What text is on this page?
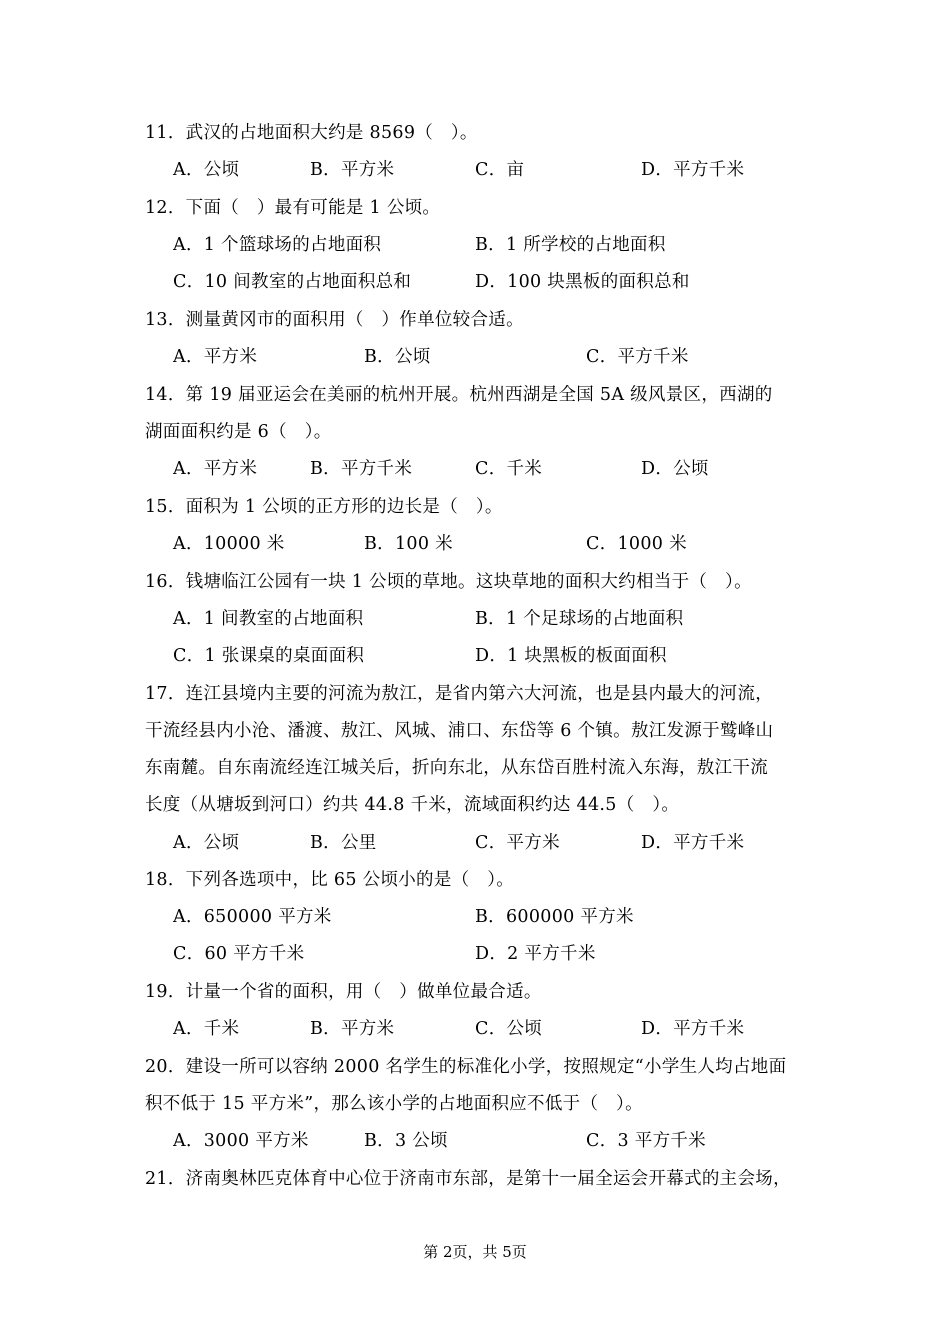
11．武汉的占地面积大约是 8569（　）。
A．公顷	B．平方米	C．亩	D．平方千米
12．下面（　）最有可能是 1 公顷。
A．1 个篮球场的占地面积	B．1 所学校的占地面积
C．10 间教室的占地面积总和	D．100 块黑板的面积总和
13．测量黄冈市的面积用（　）作单位较合适。
A．平方米	B．公顷	C．平方千米
14．第 19 届亚运会在美丽的杭州开展。杭州西湖是全国 5A 级风景区，西湖的
湖面面积约是 6（　）。
A．平方米	B．平方千米	C．千米	D．公顷
15．面积为 1 公顷的正方形的边长是（　）。
A．10000 米	B．100 米	C．1000 米
16．钱塘临江公园有一块 1 公顷的草地。这块草地的面积大约相当于（　）。
A．1 间教室的占地面积	B．1 个足球场的占地面积
C．1 张课桌的桌面面积	D．1 块黑板的板面面积
17．连江县境内主要的河流为敖江，是省内第六大河流，也是县内最大的河流，
干流经县内小沧、潘渡、敖江、风城、浦口、东岱等 6 个镇。敖江发源于鹫峰山
东南麓。自东南流经连江城关后，折向东北，从东岱百胜村流入东海，敖江干流
长度（从塘坂到河口）约共 44.8 千米，流域面积约达 44.5（　）。
A．公顷	B．公里	C．平方米	D．平方千米
18．下列各选项中，比 65 公顷小的是（　）。
A．650000 平方米	B．600000 平方米
C．60 平方千米	D．2 平方千米
19．计量一个省的面积，用（　）做单位最合适。
A．千米	B．平方米	C．公顷	D．平方千米
20．建设一所可以容纳 2000 名学生的标准化小学，按照规定“小学生人均占地面
积不低于 15 平方米”，那么该小学的占地面积应不低于（　）。
A．3000 平方米	B．3 公顷	C．3 平方千米
21．济南奥林匹克体育中心位于济南市东部，是第十一届全运会开幕式的主会场，
第 2页，共 5页
